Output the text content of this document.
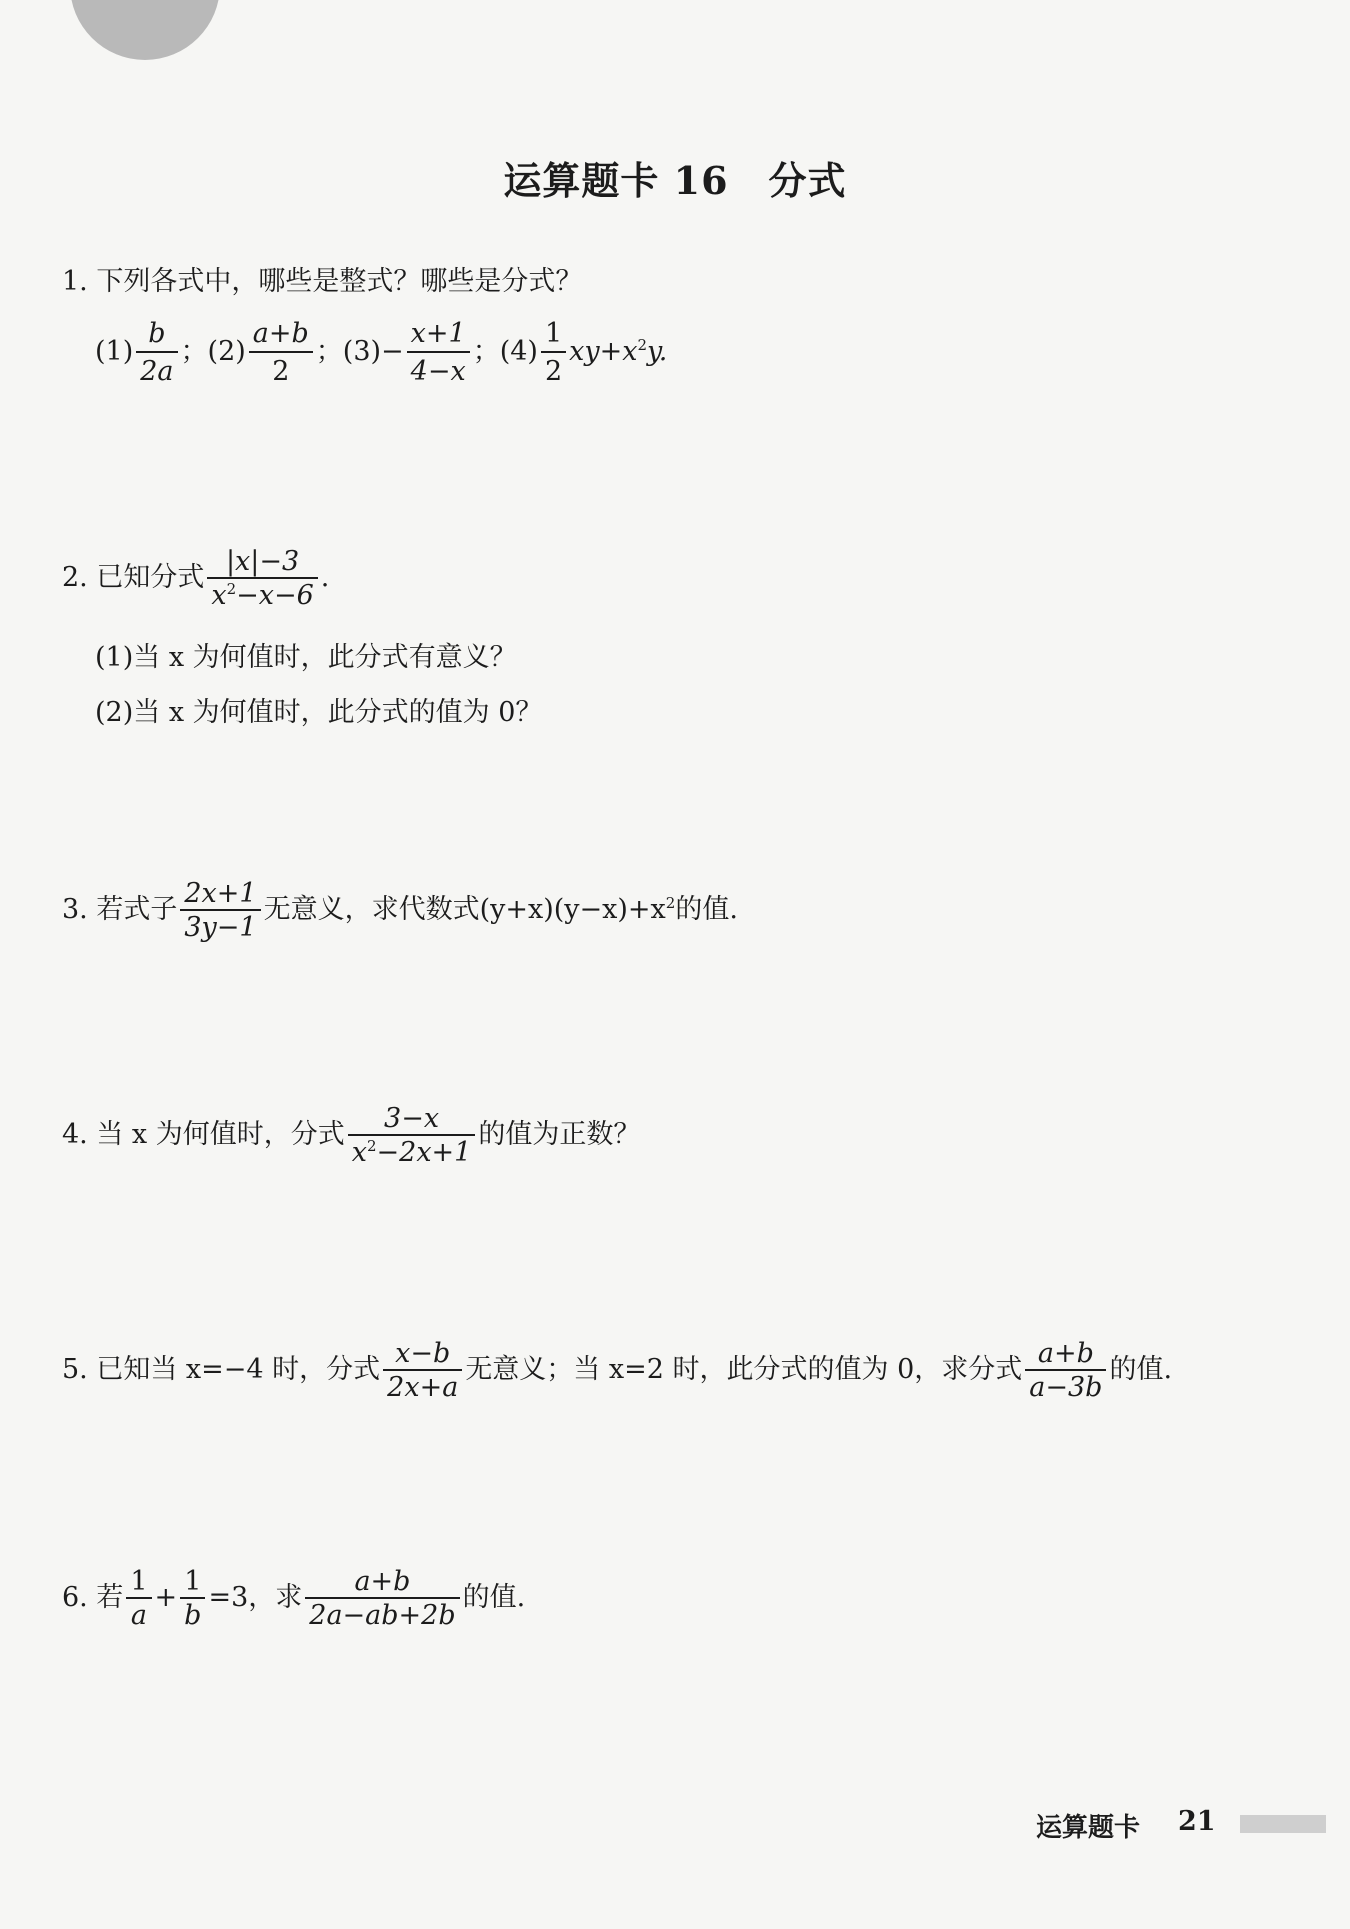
运算题卡 16 分式
1. 下列各式中，哪些是整式？哪些是分式？
$(1) \frac{b}{2a}$ ；$(2) \frac{a+b}{2}$ ；$(3)- \frac{x+1}{4-x}$ ；$(4) \frac{1}{2} xy+x^2y$.
2. 已知分式 $\frac{|x|-3}{x^2-x-6}$ .
(1)当 x 为何值时，此分式有意义？
(2)当 x 为何值时，此分式的值为 0？
3. 若式子 $\frac{2x+1}{3y-1}$ 无意义，求代数式$(y+x)(y-x)+x^2$的值.
4. 当 x 为何值时，分式 $\frac{3-x}{x^2-2x+1}$ 的值为正数？
5. 已知当 x=−4 时，分式 $\frac{x-b}{2x+a}$ 无意义；当 x=2 时，此分式的值为 0，求分式 $\frac{a+b}{a-3b}$ 的值.
6. 若 $\frac{1}{a} + \frac{1}{b} =3$，求 $\frac{a+b}{2a-ab+2b}$ 的值.
运算题卡 21
